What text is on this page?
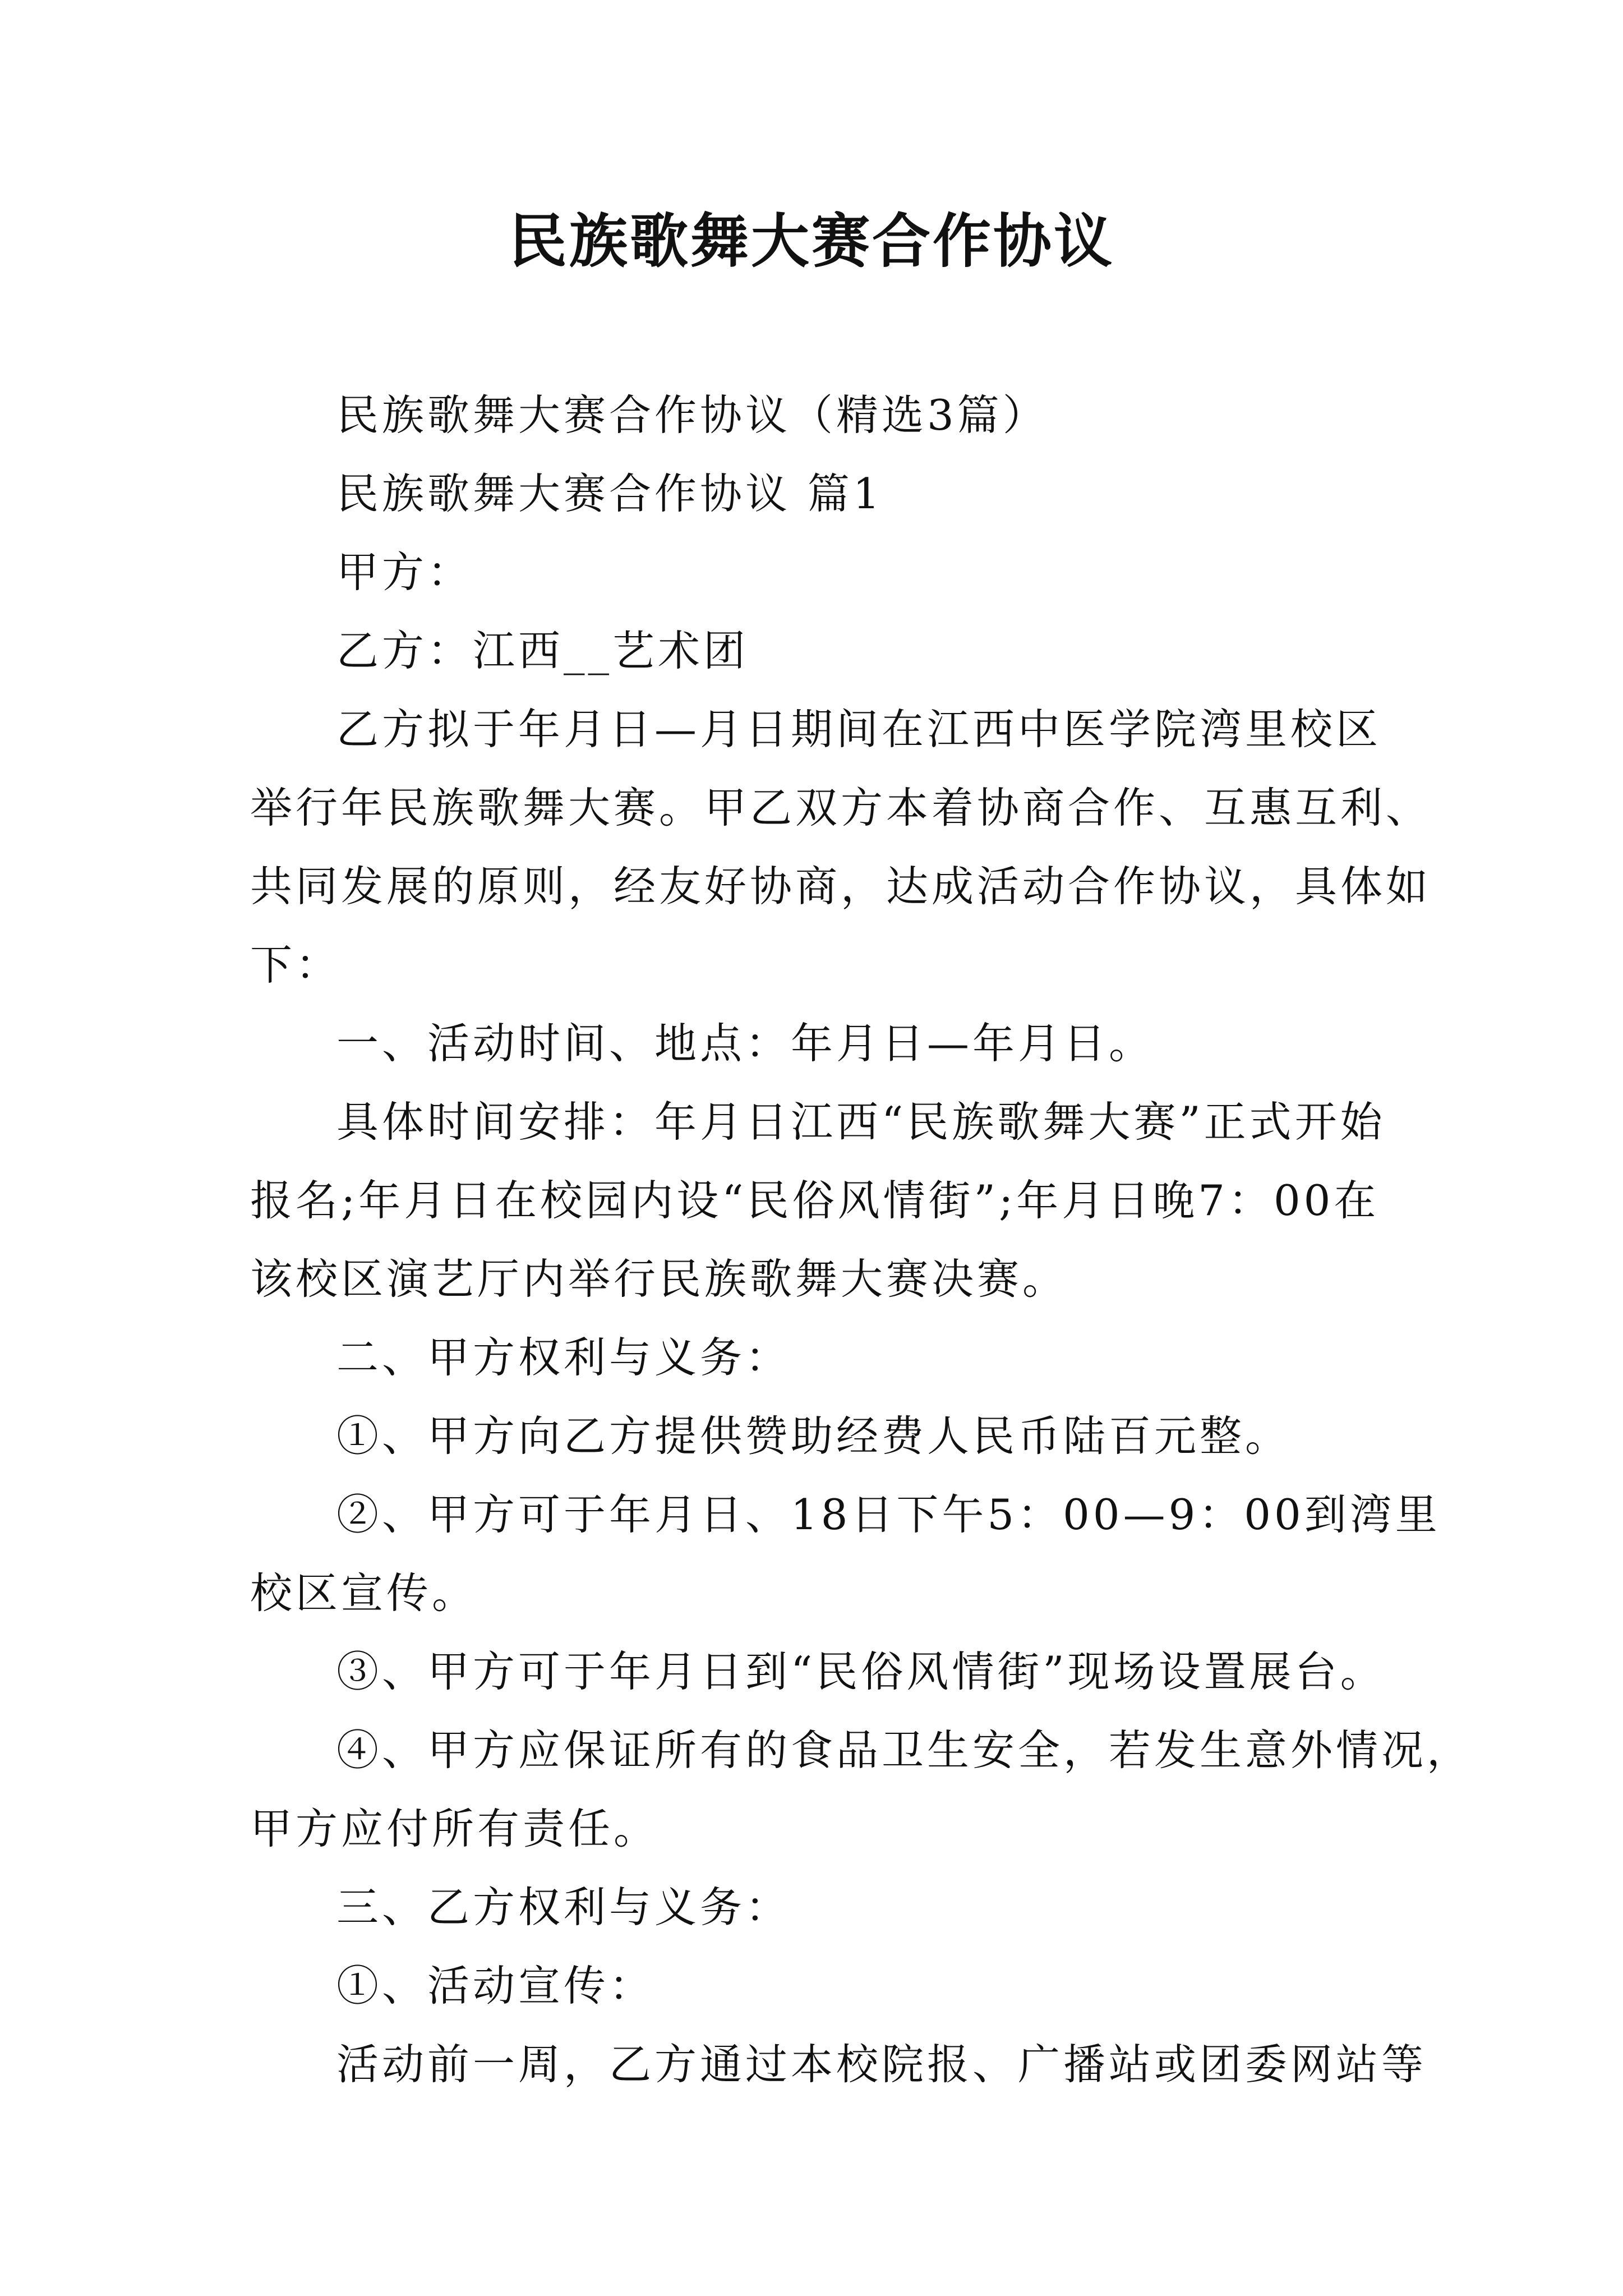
民族歌舞大赛合作协议
民族歌舞大赛合作协议（精选3篇）
民族歌舞大赛合作协议 篇1
甲方：
乙方：江西__艺术团
乙方拟于年月日—月日期间在江西中医学院湾里校区
举行年民族歌舞大赛。甲乙双方本着协商合作、互惠互利、
共同发展的原则，经友好协商，达成活动合作协议，具体如
下：
一、活动时间、地点：年月日—年月日。
具体时间安排：年月日江西“民族歌舞大赛”正式开始
报名;年月日在校园内设“民俗风情街”;年月日晚7：00在
该校区演艺厅内举行民族歌舞大赛决赛。
二、甲方权利与义务：
①、甲方向乙方提供赞助经费人民币陆百元整。
②、甲方可于年月日、18日下午5：00—9：00到湾里
校区宣传。
③、甲方可于年月日到“民俗风情街”现场设置展台。
④、甲方应保证所有的食品卫生安全，若发生意外情况，
甲方应付所有责任。
三、乙方权利与义务：
①、活动宣传：
活动前一周，乙方通过本校院报、广播站或团委网站等
